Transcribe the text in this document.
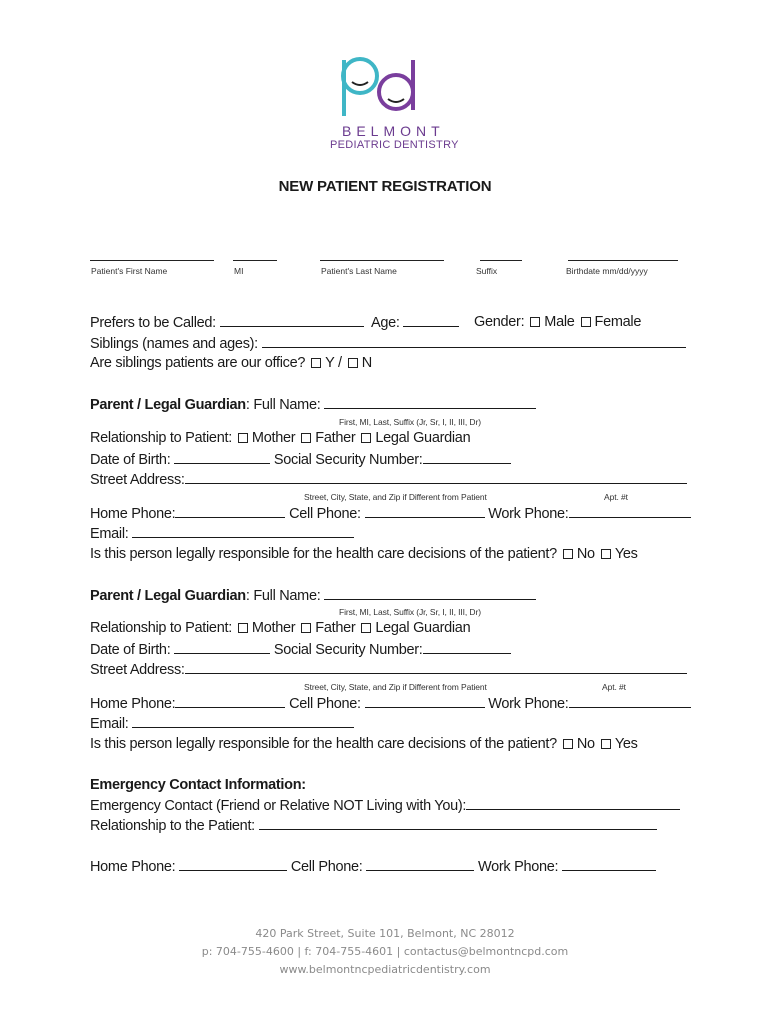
BELMONT
PEDIATRIC DENTISTRY
NEW PATIENT REGISTRATION
Patient's First Name	MI	Patient's Last Name	Suffix	Birthdate mm/dd/yyyy
Prefers to be Called:	Age:	Gender: Male Female
Siblings (names and ages):
Are siblings patients are our office? Y / N
Parent / Legal Guardian: Full Name:
First, MI, Last, Suffix (Jr, Sr, I, II, III, Dr)
Relationship to Patient: Mother Father Legal Guardian
Date of Birth:	Social Security Number:
Street Address:
Street, City, State, and Zip if Different from Patient	Apt. #t
Home Phone:	Cell Phone:	Work Phone:
Email:
Is this person legally responsible for the health care decisions of the patient? No Yes
Parent / Legal Guardian: Full Name:
First, MI, Last, Suffix (Jr, Sr, I, II, III, Dr)
Relationship to Patient: Mother Father Legal Guardian
Date of Birth:	Social Security Number:
Street Address:
Street, City, State, and Zip if Different from Patient	Apt. #t
Home Phone:	Cell Phone:	Work Phone:
Email:
Is this person legally responsible for the health care decisions of the patient? No Yes
Emergency Contact Information:
Emergency Contact (Friend or Relative NOT Living with You):
Relationship to the Patient:
Home Phone:	Cell Phone:	Work Phone:
420 Park Street, Suite 101, Belmont, NC 28012
p: 704-755-4600 | f: 704-755-4601 | contactus@belmontncpd.com
www.belmontncpediatricdentistry.com
